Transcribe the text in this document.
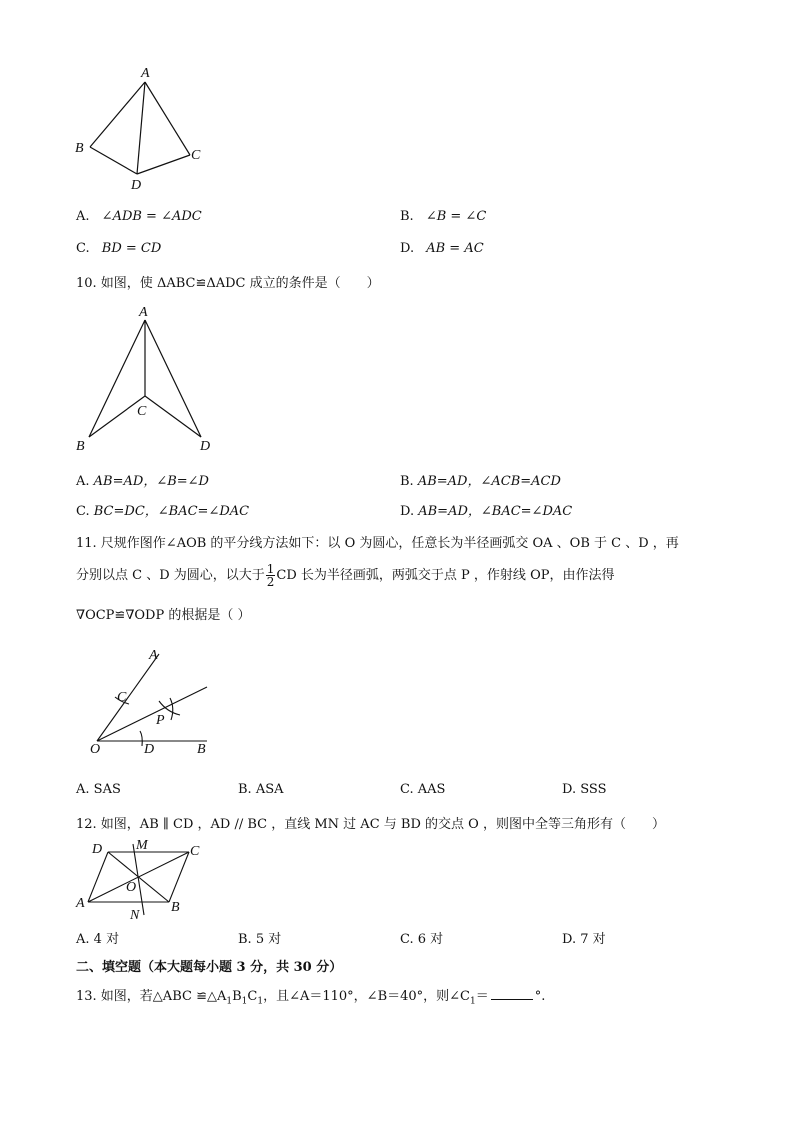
A
B	C
D
A. ∠ADB = ∠ADC	B. ∠B = ∠C
C. BD = CD	D. AB = AC
10. 如图，使 ΔABC≌ΔADC 成立的条件是（　　）
A
C
B	D
A. AB=AD，∠B=∠D	B. AB=AD，∠ACB=ACD
C. BC=DC，∠BAC=∠DAC	D. AB=AD，∠BAC=∠DAC
11. 尺规作图作∠AOB 的平分线方法如下：以 O 为圆心，任意长为半径画弧交 OA 、OB 于 C 、D ，再
分别以点 C 、D 为圆心，以大于 $\frac{1}{2}$ CD 长为半径画弧，两弧交于点 P ，作射线 OP，由作法得
∇OCP≌∇ODP 的根据是（ ）
A
C
P
O	D	B
A. SAS	B. ASA	C. AAS	D. SSS
12. 如图，AB ∥ CD ，AD // BC ，直线 MN 过 AC 与 BD 的交点 O ，则图中全等三角形有（　　）
D M	C
O
A
N
B
A. 4 对	B. 5 对	C. 6 对	D. 7 对
二、填空题（本大题每小题 3 分，共 30 分）
13. 如图，若△ABC $≌\triangle A_1B_1C_1$，且∠A＝110°，∠B＝40°，则$\angle C_1=$	°.
